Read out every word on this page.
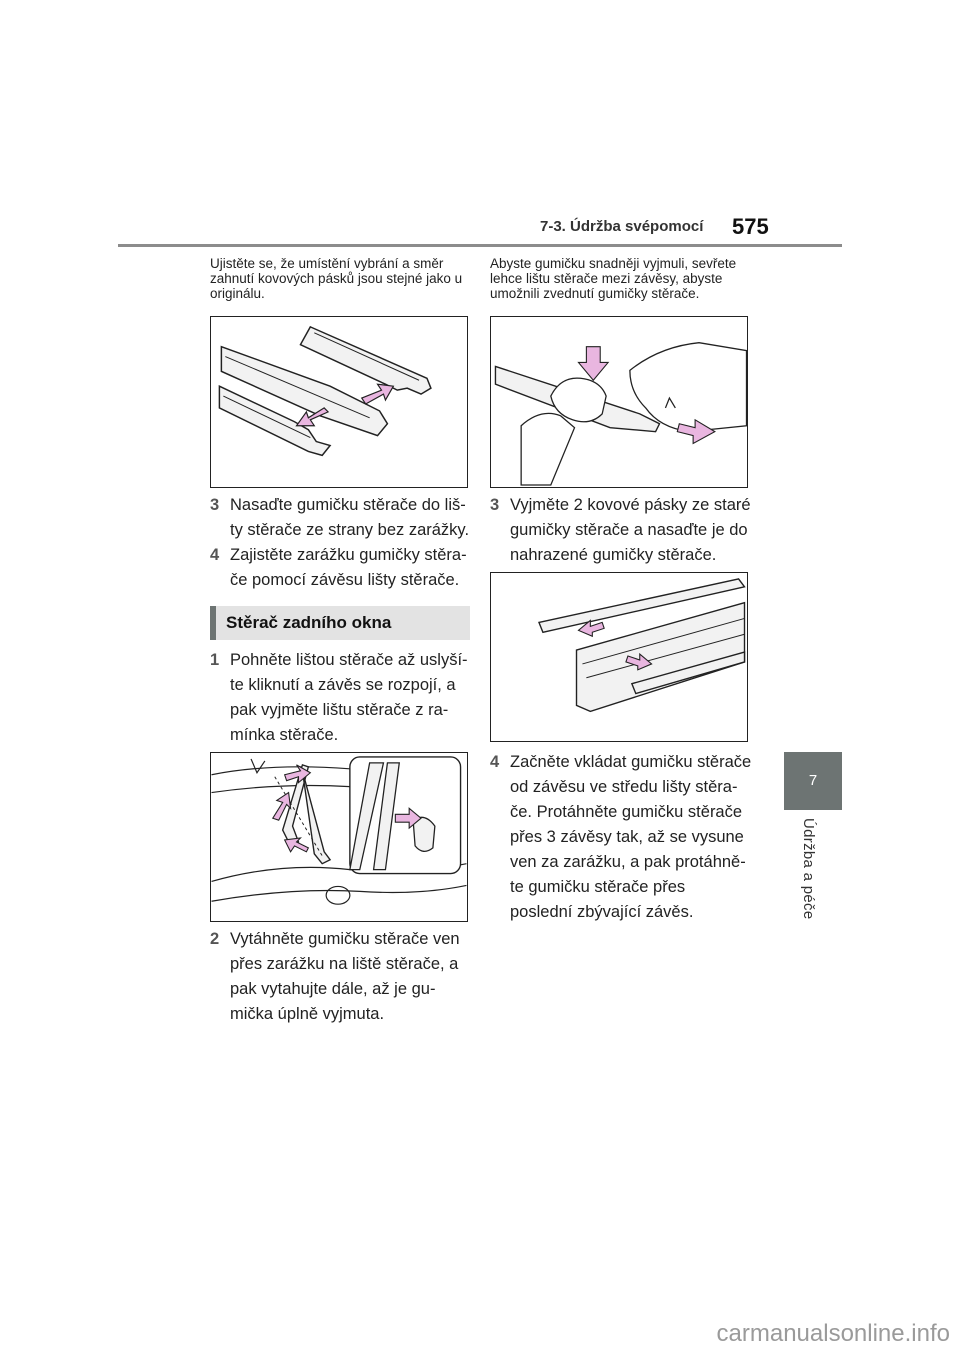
7-3. Údržba svépomocí 575
7
Údržba a péče
Ujistěte se, že umístění vybrání a směr zahnutí kovových pásků jsou stejné jako u originálu.
3 Nasaďte gumičku stěrače do lišty stěrače ze strany bez zarážky.
4 Zajistěte zarážku gumičky stěrače pomocí závěsu lišty stěrače.
Stěrač zadního okna
1 Pohněte lištou stěrače až uslyšíte kliknutí a závěs se rozpojí, a pak vyjměte lištu stěrače z ramínka stěrače.
2 Vytáhněte gumičku stěrače ven přes zarážku na liště stěrače, a pak vytahujte dále, až je gumička úplně vyjmuta.
Abyste gumičku snadněji vyjmuli, sevřete lehce lištu stěrače mezi závěsy, abyste umožnili zvednutí gumičky stěrače.
3 Vyjměte 2 kovové pásky ze staré gumičky stěrače a nasaďte je do nahrazené gumičky stěrače.
4 Začněte vkládat gumičku stěrače od závěsu ve středu lišty stěrače. Protáhněte gumičku stěrače přes 3 závěsy tak, až se vysune ven za zarážku, a pak protáhněte gumičku stěrače přes poslední zbývající závěs.
carmanualsonline.info
